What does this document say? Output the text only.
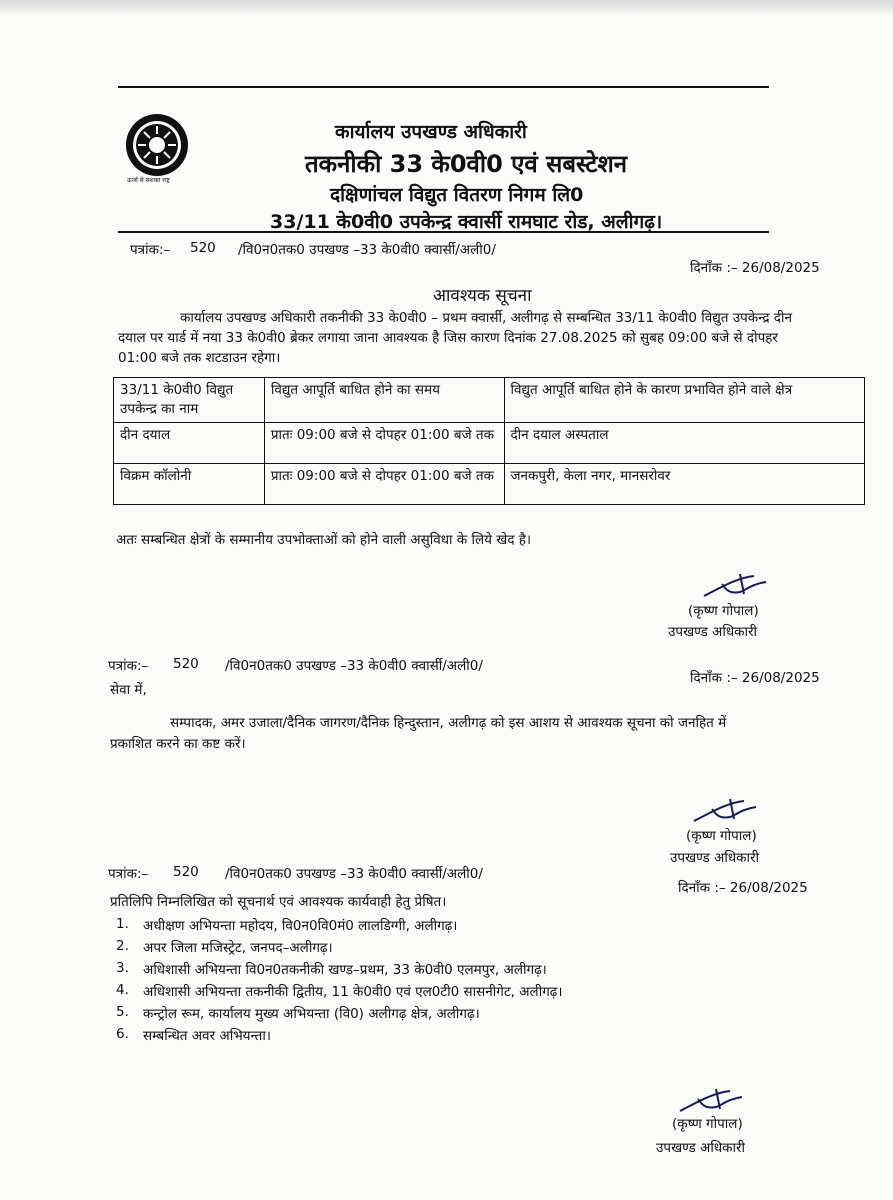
ऊर्जा से सशक्त राष्ट्र
कार्यालय उपखण्ड अधिकारी
तकनीकी 33 के0वी0 एवं सबस्टेशन
दक्षिणांचल विद्युत वितरण निगम लि0
33/11 के0वी0 उपकेन्द्र क्वार्सी रामघाट रोड, अलीगढ़।
पत्रांक:– 520 /वि0न0तक0 उपखण्ड –33 के0वी0 क्वार्सी/अली0/
दिनाँक :– 26/08/2025
आवश्यक सूचना
कार्यालय उपखण्ड अधिकारी तकनीकी 33 के0वी0 – प्रथम क्वार्सी, अलीगढ़ से सम्बन्धित 33/11 के0वी0 विद्युत उपकेन्द्र दीन
दयाल पर यार्ड में नया 33 के0वी0 ब्रेकर लगाया जाना आवश्यक है जिस कारण दिनांक 27.08.2025 को सुबह 09:00 बजे से दोपहर
01:00 बजे तक शटडाउन रहेगा।
33/11 के0वी0 विद्युत उपकेन्द्र का नाम	विद्युत आपूर्ति बाधित होने का समय	विद्युत आपूर्ति बाधित होने के कारण प्रभावित होने वाले क्षेत्र
दीन दयाल	प्रातः 09:00 बजे से दोपहर 01:00 बजे तक	दीन दयाल अस्पताल
विक्रम कॉलोनी	प्रातः 09:00 बजे से दोपहर 01:00 बजे तक	जनकपुरी, केला नगर, मानसरोवर
अतः सम्बन्धित क्षेत्रों के सम्मानीय उपभोक्ताओं को होने वाली असुविधा के लिये खेद है।
(कृष्ण गोपाल)
उपखण्ड अधिकारी
पत्रांक:– 520 /वि0न0तक0 उपखण्ड –33 के0वी0 क्वार्सी/अली0/
दिनाँक :– 26/08/2025
सेवा में,
सम्पादक, अमर उजाला/दैनिक जागरण/दैनिक हिन्दुस्तान, अलीगढ़ को इस आशय से आवश्यक सूचना को जनहित में
प्रकाशित करने का कष्ट करें।
(कृष्ण गोपाल)
उपखण्ड अधिकारी
पत्रांक:– 520 /वि0न0तक0 उपखण्ड –33 के0वी0 क्वार्सी/अली0/
दिनाँक :– 26/08/2025
प्रतिलिपि निम्नलिखित को सूचनार्थ एवं आवश्यक कार्यवाही हेतु प्रेषित।
1. अधीक्षण अभियन्ता महोदय, वि0न0वि0मं0 लालडिग्गी, अलीगढ़।
2. अपर जिला मजिस्ट्रेट, जनपद–अलीगढ़।
3. अधिशासी अभियन्ता वि0न0तकनीकी खण्ड–प्रथम, 33 के0वी0 एलमपुर, अलीगढ़।
4. अधिशासी अभियन्ता तकनीकी द्वितीय, 11 के0वी0 एवं एल0टी0 सासनीगेट, अलीगढ़।
5. कन्ट्रोल रूम, कार्यालय मुख्य अभियन्ता (वि0) अलीगढ़ क्षेत्र, अलीगढ़।
6. सम्बन्धित अवर अभियन्ता।
(कृष्ण गोपाल)
उपखण्ड अधिकारी
